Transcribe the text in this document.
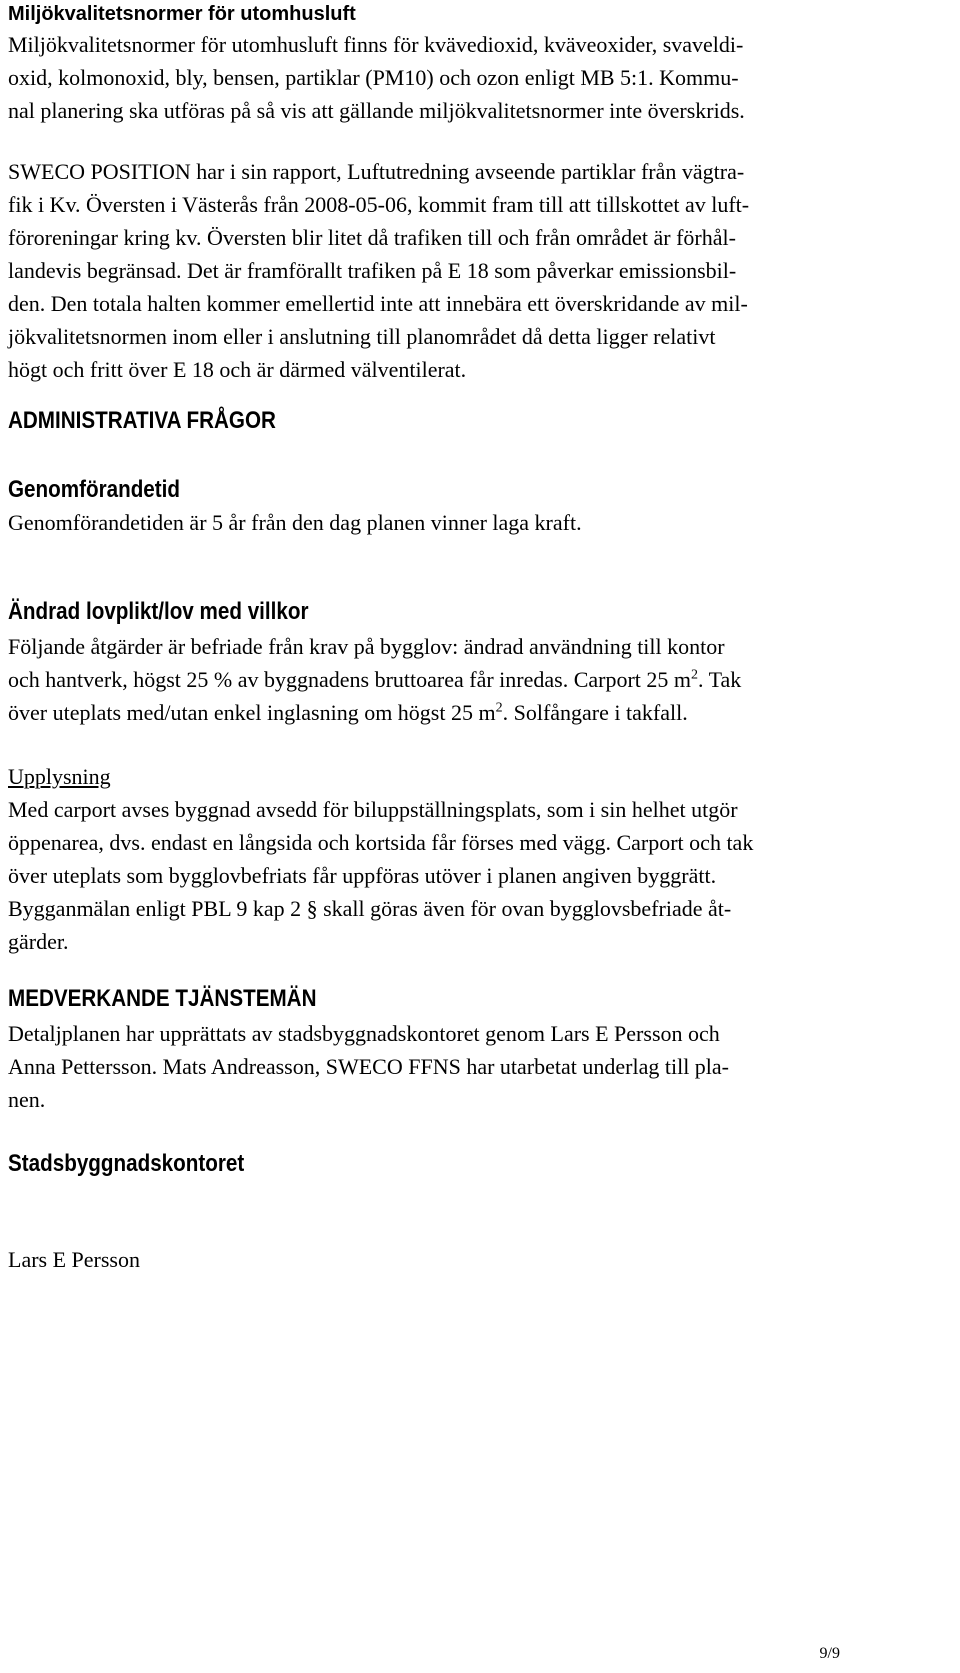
Miljökvalitetsnormer för utomhusluft
Miljökvalitetsnormer för utomhusluft finns för kvävedioxid, kväveoxider, svaveldi-
oxid, kolmonoxid, bly, bensen, partiklar (PM10) och ozon enligt MB 5:1. Kommu-
nal planering ska utföras på så vis att gällande miljökvalitetsnormer inte överskrids.
SWECO POSITION har i sin rapport, Luftutredning avseende partiklar från vägtra-
fik i Kv. Översten i Västerås från 2008-05-06, kommit fram till att tillskottet av luft-
föroreningar kring kv. Översten blir litet då trafiken till och från området är förhål-
landevis begränsad. Det är framförallt trafiken på E 18 som påverkar emissionsbil-
den. Den totala halten kommer emellertid inte att innebära ett överskridande av mil-
jökvalitetsnormen inom eller i anslutning till planområdet då detta ligger relativt
högt och fritt över E 18 och är därmed välventilerat.
ADMINISTRATIVA FRÅGOR
Genomförandetid
Genomförandetiden är 5 år från den dag planen vinner laga kraft.
Ändrad lovplikt/lov med villkor
Följande åtgärder är befriade från krav på bygglov: ändrad användning till kontor
och hantverk, högst 25 % av byggnadens bruttoarea får inredas. Carport 25 $m^2$. Tak
över uteplats med/utan enkel inglasning om högst 25 $m^2$. Solfångare i takfall.
Upplysning
Med carport avses byggnad avsedd för biluppställningsplats, som i sin helhet utgör
öppenarea, dvs. endast en långsida och kortsida får förses med vägg. Carport och tak
över uteplats som bygglovbefriats får uppföras utöver i planen angiven byggrätt.
Bygganmälan enligt PBL 9 kap 2 § skall göras även för ovan bygglovsbefriade åt-
gärder.
MEDVERKANDE TJÄNSTEMÄN
Detaljplanen har upprättats av stadsbyggnadskontoret genom Lars E Persson och
Anna Pettersson. Mats Andreasson, SWECO FFNS har utarbetat underlag till pla-
nen.
Stadsbyggnadskontoret
Lars E Persson
9/9
